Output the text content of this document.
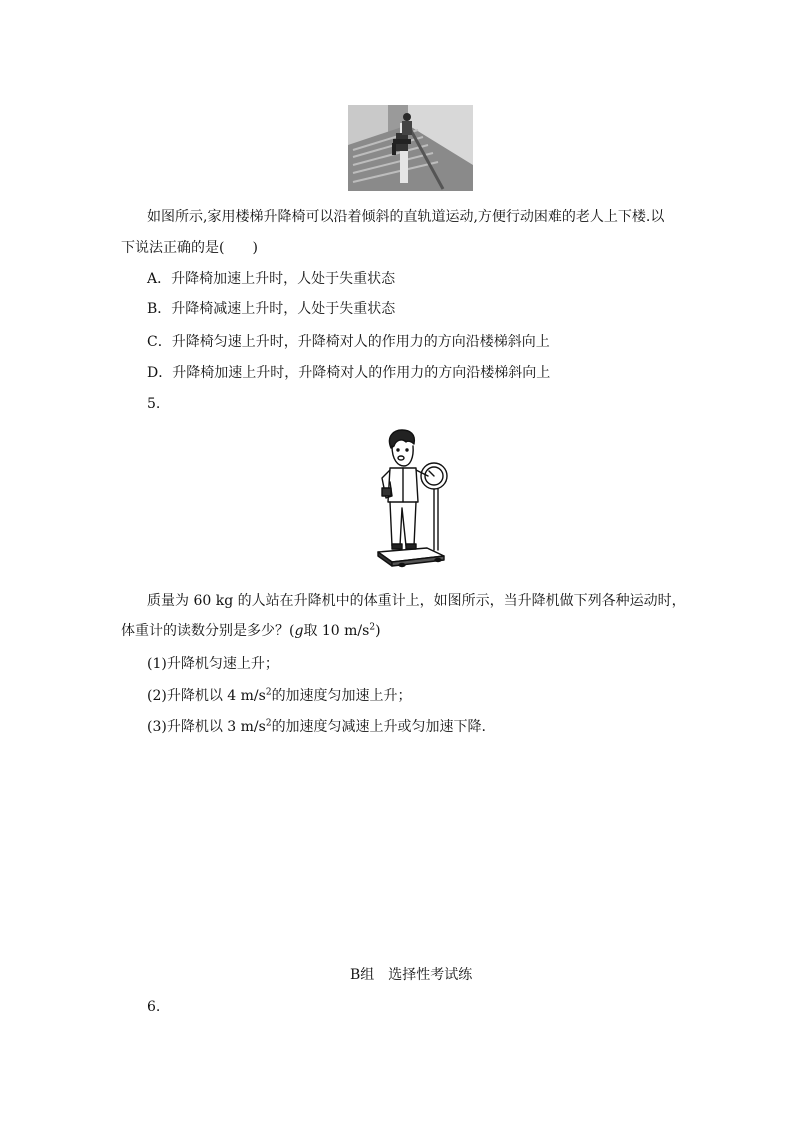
如图所示,家用楼梯升降椅可以沿着倾斜的直轨道运动,方便行动困难的老人上下楼.以
下说法正确的是(　　)
A．升降椅加速上升时，人处于失重状态
B．升降椅减速上升时，人处于失重状态
C．升降椅匀速上升时，升降椅对人的作用力的方向沿楼梯斜向上
D．升降椅加速上升时，升降椅对人的作用力的方向沿楼梯斜向上
5.
质量为 60 kg 的人站在升降机中的体重计上，如图所示，当升降机做下列各种运动时，
体重计的读数分别是多少？(g取 10 $m/s^2$)
(1)升降机匀速上升；
(2)升降机以 4 $m/s^2$的加速度匀加速上升；
(3)升降机以 3 $m/s^2$的加速度匀减速上升或匀加速下降.
B组　选择性考试练
6.
